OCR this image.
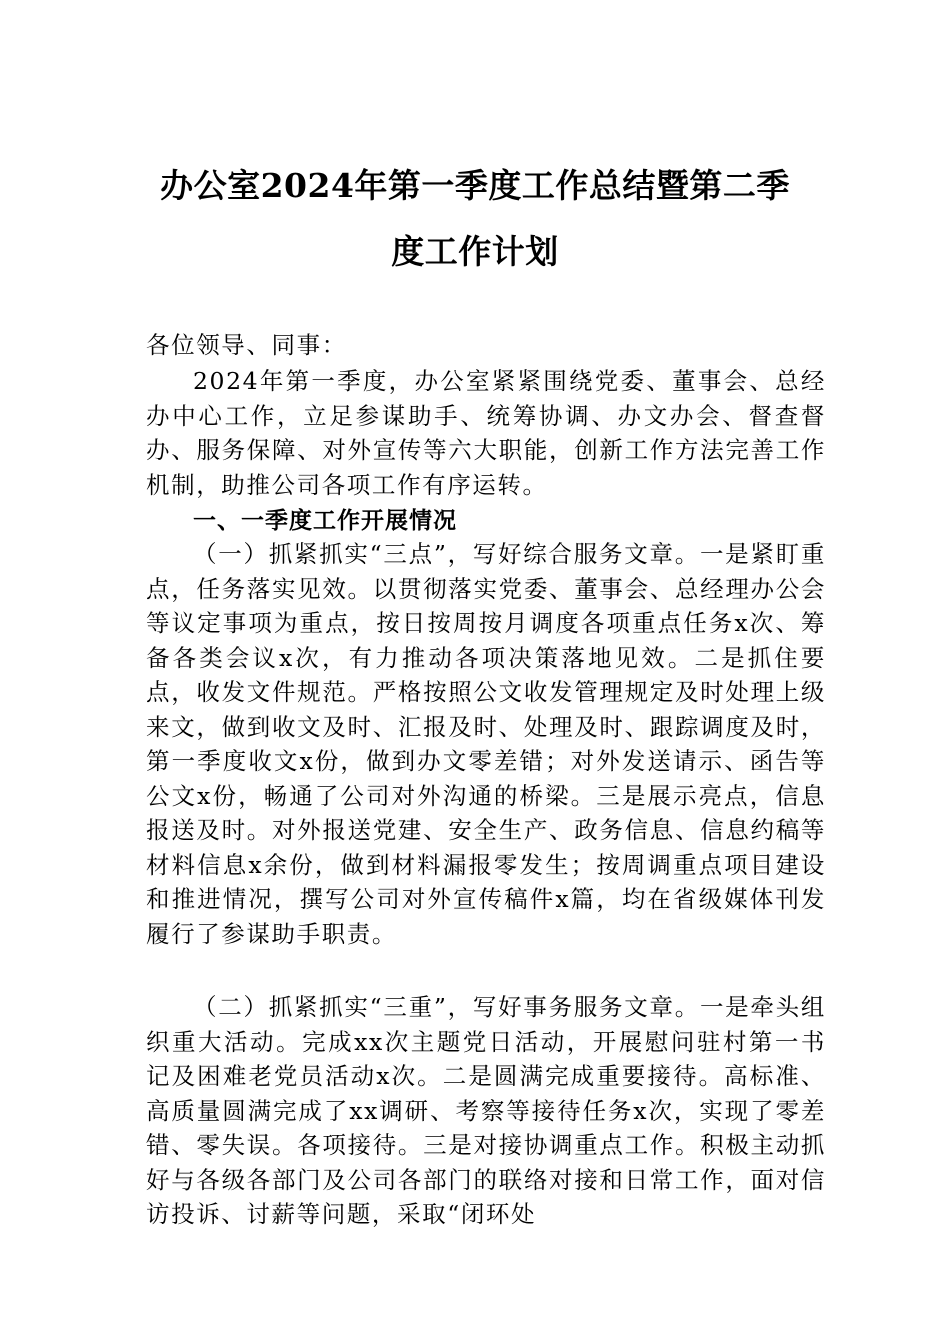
办公室2024年第一季度工作总结暨第二季
度工作计划
各位领导、同事：
2024年第一季度，办公室紧紧围绕党委、董事会、总经办中心工作，立足参谋助手、统筹协调、办文办会、督查督办、服务保障、对外宣传等六大职能，创新工作方法完善工作机制，助推公司各项工作有序运转。
一、一季度工作开展情况
（一）抓紧抓实“三点”，写好综合服务文章。一是紧盯重点，任务落实见效。以贯彻落实党委、董事会、总经理办公会等议定事项为重点，按日按周按月调度各项重点任务x次、筹备各类会议x次，有力推动各项决策落地见效。二是抓住要点，收发文件规范。严格按照公文收发管理规定及时处理上级来文，做到收文及时、汇报及时、处理及时、跟踪调度及时，第一季度收文x份，做到办文零差错；对外发送请示、函告等公文x份，畅通了公司对外沟通的桥梁。三是展示亮点，信息报送及时。对外报送党建、安全生产、政务信息、信息约稿等材料信息x余份，做到材料漏报零发生；按周调重点项目建设和推进情况，撰写公司对外宣传稿件x篇，均在省级媒体刊发履行了参谋助手职责。
（二）抓紧抓实“三重”，写好事务服务文章。一是牵头组织重大活动。完成xx次主题党日活动，开展慰问驻村第一书记及困难老党员活动x次。二是圆满完成重要接待。高标准、高质量圆满完成了xx调研、考察等接待任务x次，实现了零差错、零失误。各项接待。三是对接协调重点工作。积极主动抓好与各级各部门及公司各部门的联络对接和日常工作，面对信访投诉、讨薪等问题，采取“闭环处
